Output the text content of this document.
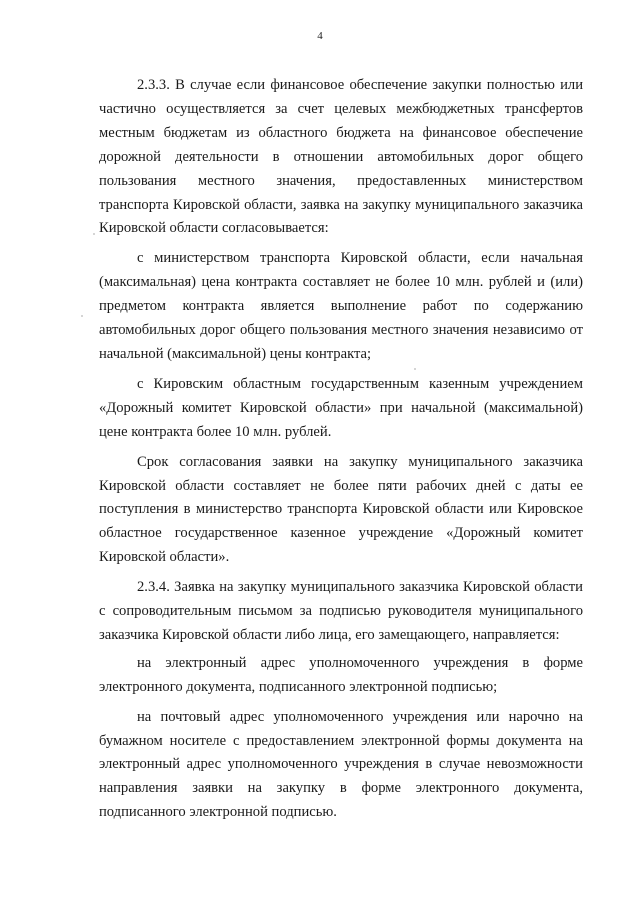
4

2.3.3. В случае если финансовое обеспечение закупки полностью или частично осуществляется за счет целевых межбюджетных трансфертов местным бюджетам из областного бюджета на финансовое обеспечение дорожной деятельности в отношении автомобильных дорог общего пользования местного значения, предоставленных министерством транспорта Кировской области, заявка на закупку муниципального заказчика Кировской области согласовывается:

с министерством транспорта Кировской области, если начальная (максимальная) цена контракта составляет не более 10 млн. рублей и (или) предметом контракта является выполнение работ по содержанию автомобильных дорог общего пользования местного значения независимо от начальной (максимальной) цены контракта;

с Кировским областным государственным казенным учреждением «Дорожный комитет Кировской области» при начальной (максимальной) цене контракта более 10 млн. рублей.

Срок согласования заявки на закупку муниципального заказчика Кировской области составляет не более пяти рабочих дней с даты ее поступления в министерство транспорта Кировской области или Кировское областное государственное казенное учреждение «Дорожный комитет Кировской области».

2.3.4. Заявка на закупку муниципального заказчика Кировской области с сопроводительным письмом за подписью руководителя муниципального заказчика Кировской области либо лица, его замещающего, направляется:

на электронный адрес уполномоченного учреждения в форме электронного документа, подписанного электронной подписью;

на почтовый адрес уполномоченного учреждения или нарочно на бумажном носителе с предоставлением электронной формы документа на электронный адрес уполномоченного учреждения в случае невозможности направления заявки на закупку в форме электронного документа, подписанного электронной подписью.
